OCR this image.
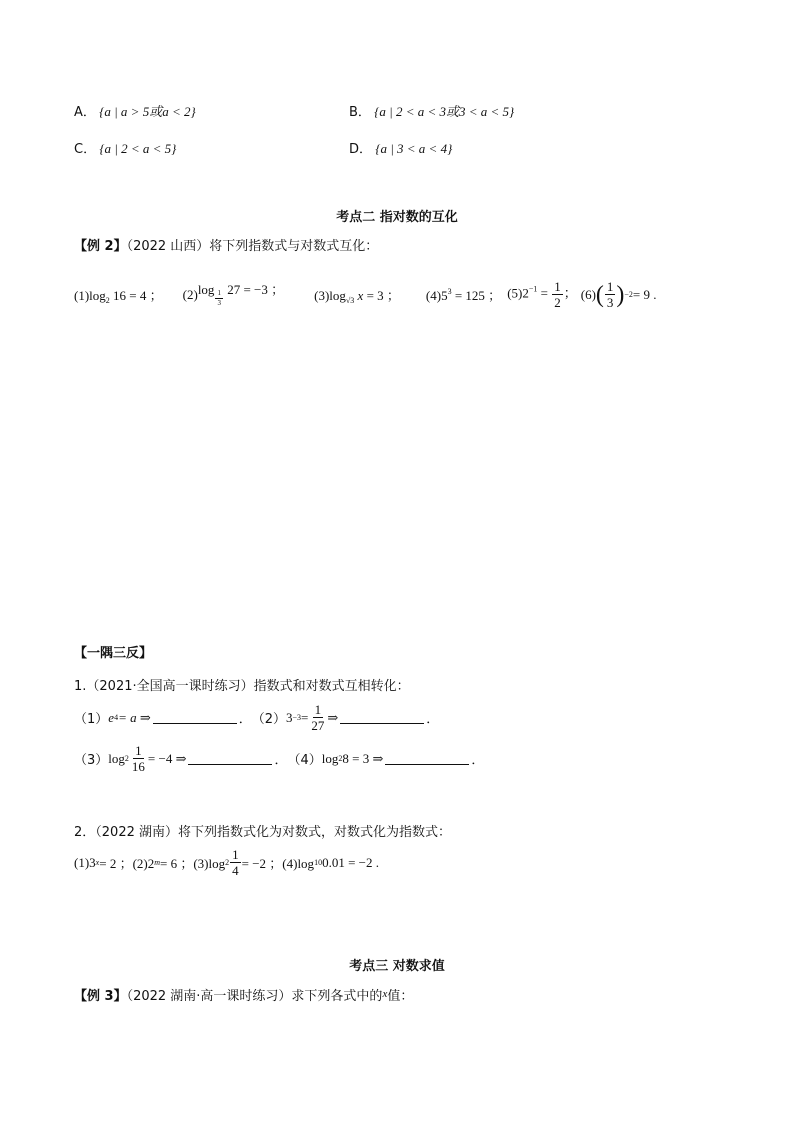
A． {a | a > 5或a < 2}	B． {a | 2 < a < 3或3 < a < 5}
C． {a | 2 < a < 5}	D． {a | 3 < a < 4}
考点二 指对数的互化
【例 2】（2022 山西）将下列指数式与对数式互化：
$(1)\log_2$ 16 = 4 ； (2)log
$\frac{1}{3}$
27 = −3 ； $(3)\log_{√3}$ x = 3 ； $(4)5^3 = 125$ ； $(5)2^{-1} = \frac{1}{2}$ ； (6) ( $\frac{1}{3}$ ) −2 = 9 .
【一隅三反】
1.（2021·全国高一课时练习）指数式和对数式互相转化：
（1） e 4 = a ⇒	． （2） $3 -3 = \frac{1}{27}$ ⇒	．
（3） $\log 2 \frac{1}{16} = -4$ ⇒	． （4） log 2 8 = 3 ⇒	．
2．（2022 湖南）将下列指数式化为对数式，对数式化为指数式：
(1)3 x = 2 ；(2)2 m = 6 ；(3)log $2 \frac{1}{4} = -2$ ；(4)log 10 0.01 = −2 .
考点三 对数求值
【例 3】（2022 湖南·高一课时练习）求下列各式中的$^x$值：
